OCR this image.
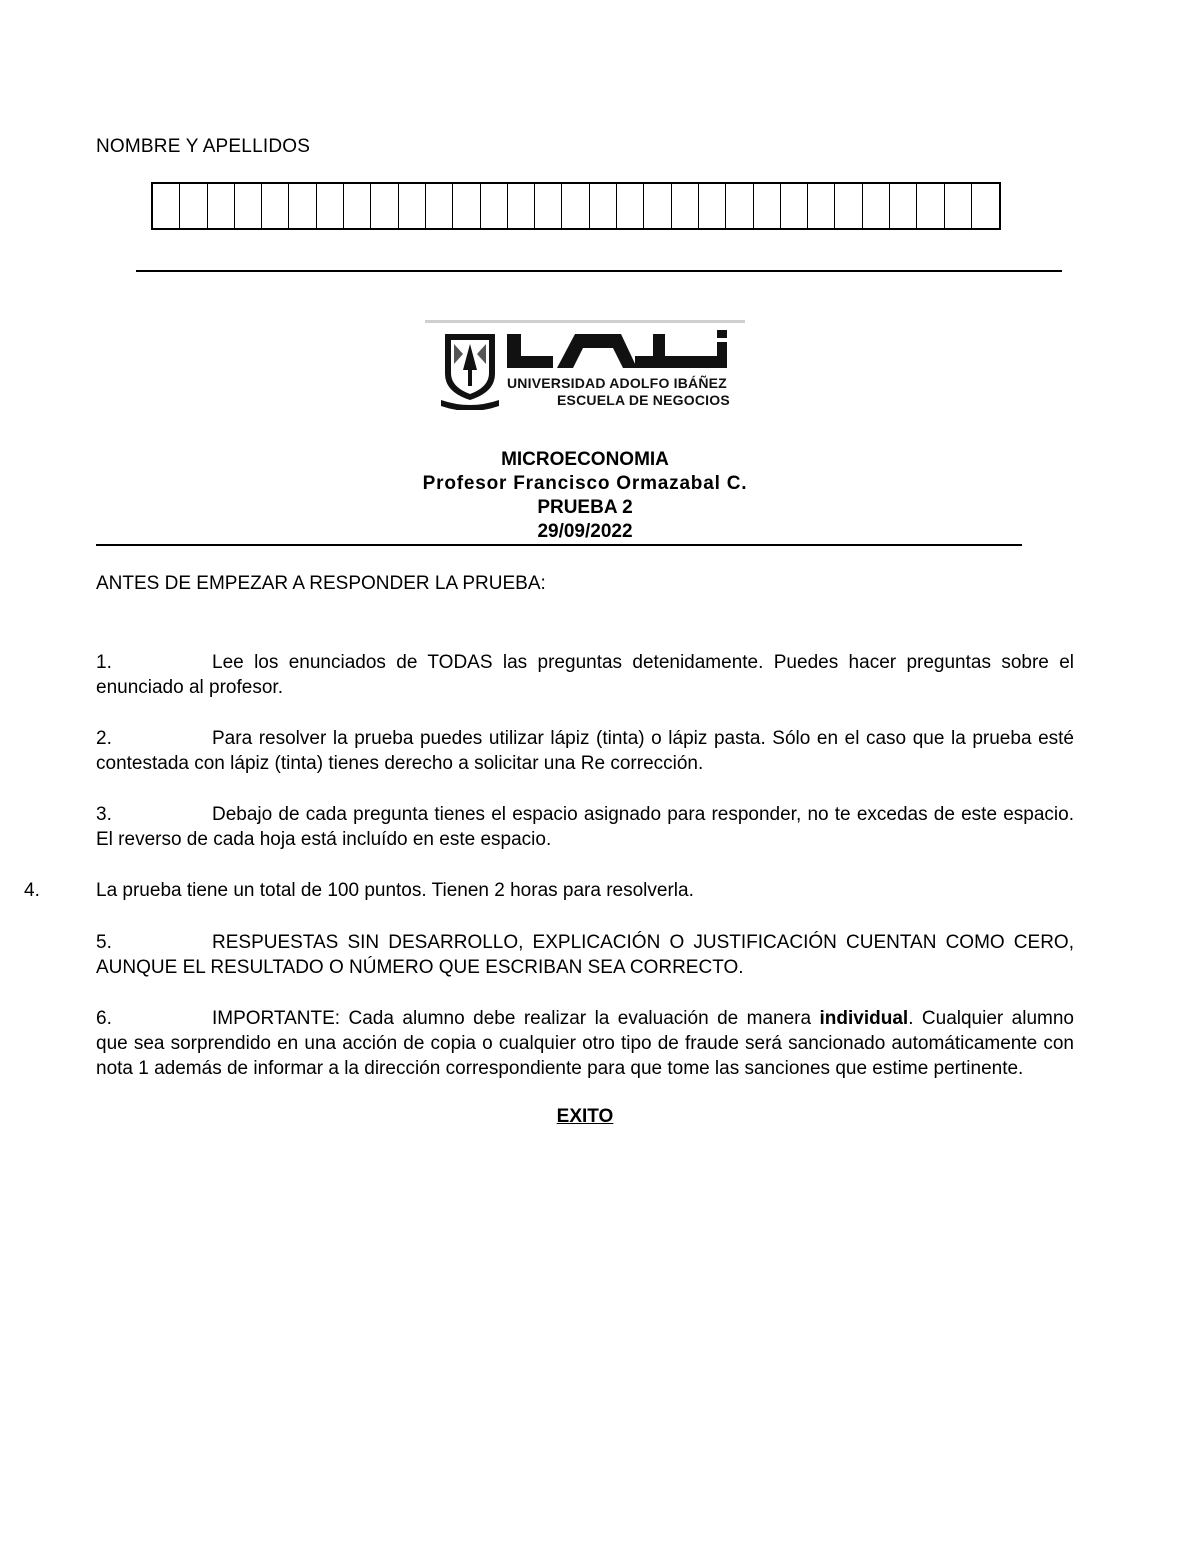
NOMBRE Y APELLIDOS
UNIVERSIDAD ADOLFO IBÁÑEZ
ESCUELA DE NEGOCIOS
MICROECONOMIA
Profesor Francisco Ormazabal C.
PRUEBA 2
29/09/2022
ANTES DE EMPEZAR A RESPONDER LA PRUEBA:
1.	Lee los enunciados de TODAS las preguntas detenidamente. Puedes hacer preguntas sobre el enunciado al profesor.
2.	Para resolver la prueba puedes utilizar lápiz (tinta) o lápiz pasta. Sólo en el caso que la prueba esté contestada con lápiz (tinta) tienes derecho a solicitar una Re corrección.
3.	Debajo de cada pregunta tienes el espacio asignado para responder, no te excedas de este espacio. El reverso de cada hoja está incluído en este espacio.
4.	La prueba tiene un total de 100 puntos. Tienen 2 horas para resolverla.
5.	RESPUESTAS SIN DESARROLLO, EXPLICACIÓN O JUSTIFICACIÓN CUENTAN COMO CERO, AUNQUE EL RESULTADO O NÚMERO QUE ESCRIBAN SEA CORRECTO.
6.	IMPORTANTE: Cada alumno debe realizar la evaluación de manera individual. Cualquier alumno que sea sorprendido en una acción de copia o cualquier otro tipo de fraude será sancionado automáticamente con nota 1 además de informar a la dirección correspondiente para que tome las sanciones que estime pertinente.
EXITO
